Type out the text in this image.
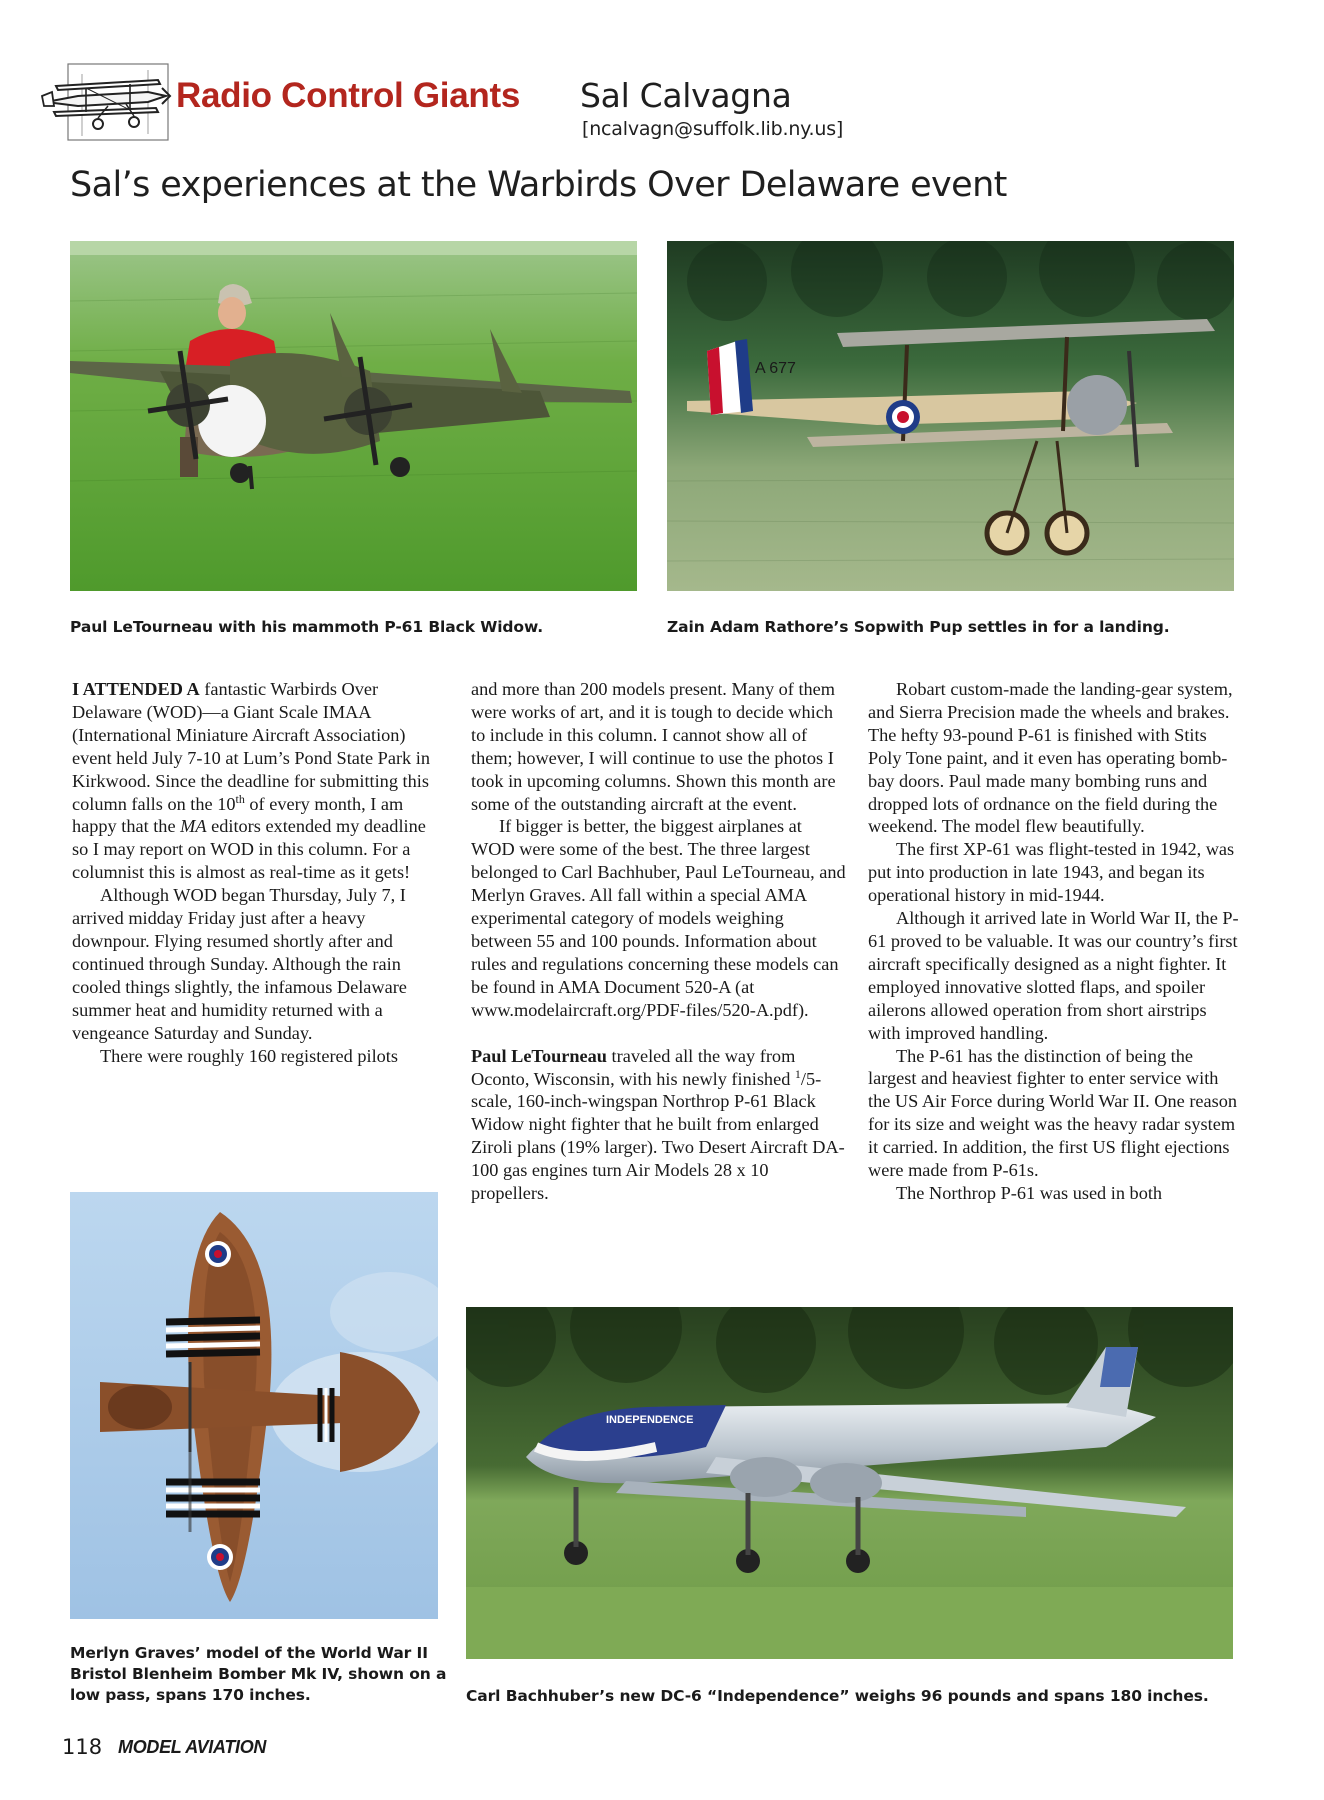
Radio Control Giants Sal Calvagna
[ncalvagn@suffolk.lib.ny.us]
Sal’s experiences at the Warbirds Over Delaware event
Paul LeTourneau with his mammoth P-61 Black Widow.
A 677
Zain Adam Rathore’s Sopwith Pup settles in for a landing.

I ATTENDED A fantastic Warbirds Over Delaware (WOD)—a Giant Scale IMAA (International Miniature Aircraft Association) event held July 7-10 at Lum’s Pond State Park in Kirkwood. Since the deadline for submitting this column falls on the 10th of every month, I am happy that the MA editors extended my deadline so I may report on WOD in this column. For a columnist this is almost as real-time as it gets!

Although WOD began Thursday, July 7, I arrived midday Friday just after a heavy downpour. Flying resumed shortly after and continued through Sunday. Although the rain cooled things slightly, the infamous Delaware summer heat and humidity returned with a vengeance Saturday and Sunday.

There were roughly 160 registered pilots

and more than 200 models present. Many of them were works of art, and it is tough to decide which to include in this column. I cannot show all of them; however, I will continue to use the photos I took in upcoming columns. Shown this month are some of the outstanding aircraft at the event.

If bigger is better, the biggest airplanes at WOD were some of the best. The three largest belonged to Carl Bachhuber, Paul LeTourneau, and Merlyn Graves. All fall within a special AMA experimental category of models weighing between 55 and 100 pounds. Information about rules and regulations concerning these models can be found in AMA Document 520-A (at www.modelaircraft.org/PDF-files/520-A.pdf).

Paul LeTourneau traveled all the way from Oconto, Wisconsin, with his newly finished $^1$/5-scale, 160-inch-wingspan Northrop P-61 Black Widow night fighter that he built from enlarged Ziroli plans (19% larger). Two Desert Aircraft DA-100 gas engines turn Air Models 28 x 10 propellers.

Robart custom-made the landing-gear system, and Sierra Precision made the wheels and brakes. The hefty 93-pound P-61 is finished with Stits Poly Tone paint, and it even has operating bomb-bay doors. Paul made many bombing runs and dropped lots of ordnance on the field during the weekend. The model flew beautifully.

The first XP-61 was flight-tested in 1942, was put into production in late 1943, and began its operational history in mid-1944.

Although it arrived late in World War II, the P-61 proved to be valuable. It was our country’s first aircraft specifically designed as a night fighter. It employed innovative slotted flaps, and spoiler ailerons allowed operation from short airstrips with improved handling.

The P-61 has the distinction of being the largest and heaviest fighter to enter service with the US Air Force during World War II. One reason for its size and weight was the heavy radar system it carried. In addition, the first US flight ejections were made from P-61s.

The Northrop P-61 was used in both

Merlyn Graves’ model of the World War II Bristol Blenheim Bomber Mk IV, shown on a low pass, spans 170 inches.
INDEPENDENCE
Carl Bachhuber’s new DC-6 “Independence” weighs 96 pounds and spans 180 inches.
118 MODEL AVIATION
